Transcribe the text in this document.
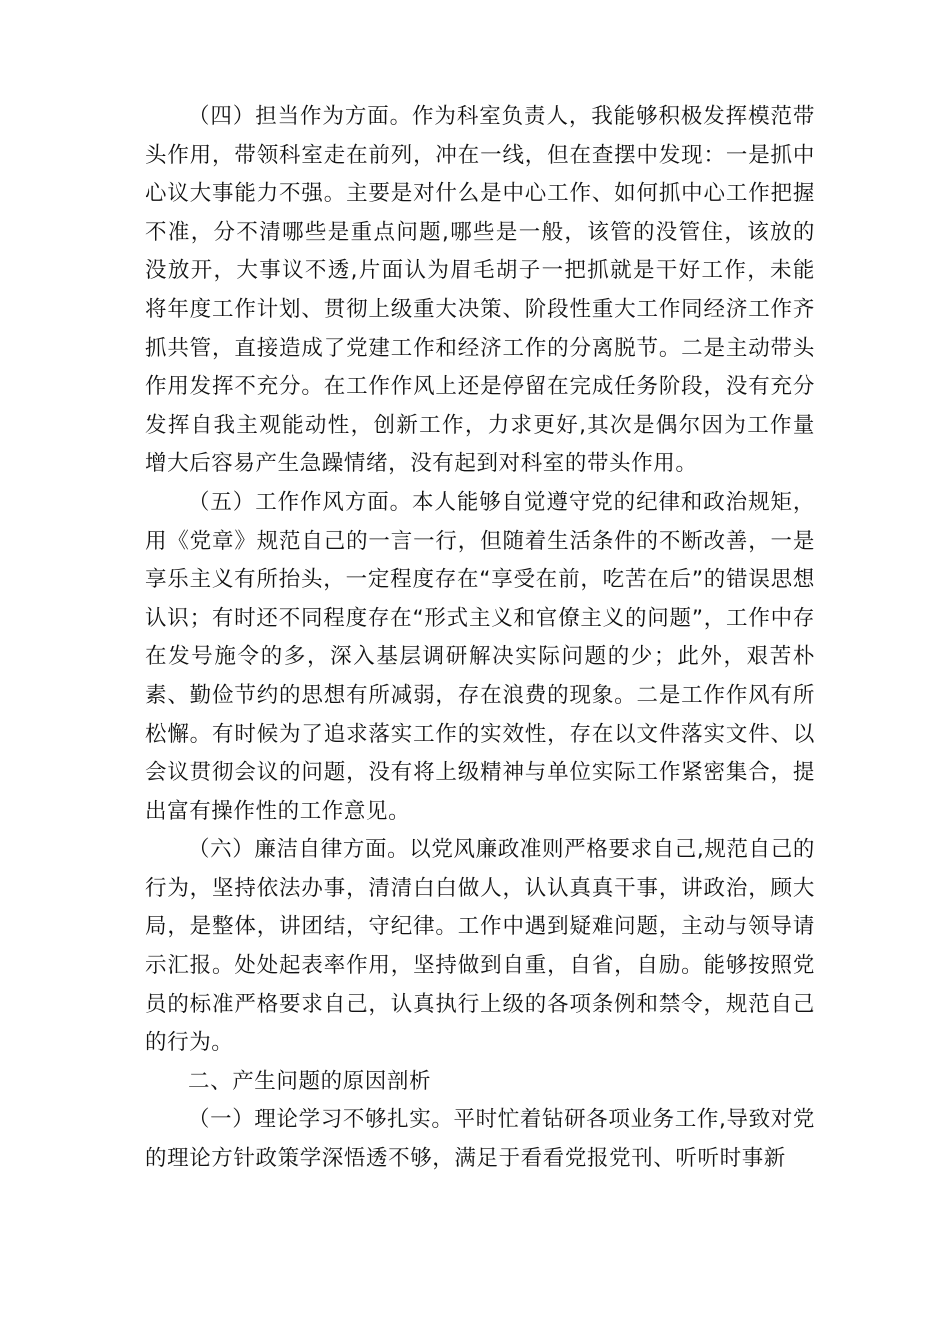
（四）担当作为方面。作为科室负责人，我能够积极发挥模范带头作用，带领科室走在前列，冲在一线，但在查摆中发现：一是抓中心议大事能力不强。主要是对什么是中心工作、如何抓中心工作把握不准，分不清哪些是重点问题,哪些是一般，该管的没管住，该放的没放开，大事议不透,片面认为眉毛胡子一把抓就是干好工作，未能将年度工作计划、贯彻上级重大决策、阶段性重大工作同经济工作齐抓共管，直接造成了党建工作和经济工作的分离脱节。二是主动带头作用发挥不充分。在工作作风上还是停留在完成任务阶段，没有充分发挥自我主观能动性，创新工作，力求更好,其次是偶尔因为工作量增大后容易产生急躁情绪，没有起到对科室的带头作用。

（五）工作作风方面。本人能够自觉遵守党的纪律和政治规矩，用《党章》规范自己的一言一行，但随着生活条件的不断改善，一是享乐主义有所抬头，一定程度存在“享受在前，吃苦在后”的错误思想认识；有时还不同程度存在“形式主义和官僚主义的问题”，工作中存在发号施令的多，深入基层调研解决实际问题的少；此外，艰苦朴素、勤俭节约的思想有所减弱，存在浪费的现象。二是工作作风有所松懈。有时候为了追求落实工作的实效性，存在以文件落实文件、以会议贯彻会议的问题，没有将上级精神与单位实际工作紧密集合，提出富有操作性的工作意见。

（六）廉洁自律方面。以党风廉政准则严格要求自己,规范自己的行为，坚持依法办事，清清白白做人，认认真真干事，讲政治，顾大局，是整体，讲团结，守纪律。工作中遇到疑难问题，主动与领导请示汇报。处处起表率作用，坚持做到自重，自省，自励。能够按照党员的标准严格要求自己，认真执行上级的各项条例和禁令，规范自己的行为。

二、产生问题的原因剖析

（一）理论学习不够扎实。平时忙着钻研各项业务工作,导致对党的理论方针政策学深悟透不够，满足于看看党报党刊、听听时事新
